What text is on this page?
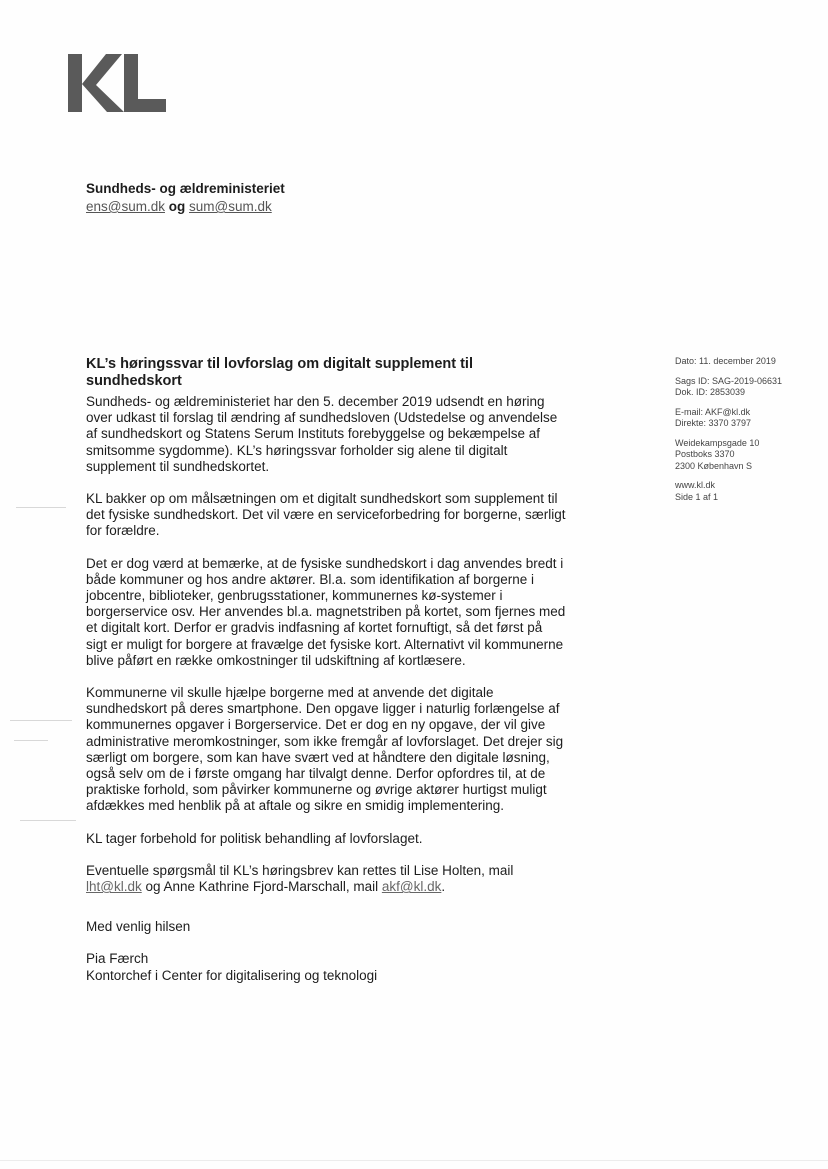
Sundheds- og ældreministeriet
ens@sum.dk og sum@sum.dk
Dato: 11. december 2019
Sags ID: SAG-2019-06631
Dok. ID: 2853039
E-mail: AKF@kl.dk
Direkte: 3370 3797
Weidekampsgade 10
Postboks 3370
2300 København S
www.kl.dk
Side 1 af 1
KL’s høringssvar til lovforslag om digitalt supplement til sundhedskort

Sundheds- og ældreministeriet har den 5. december 2019 udsendt en høring over udkast til forslag til ændring af sundhedsloven (Udstedelse og anvendelse af sundhedskort og Statens Serum Instituts forebyggelse og bekæmpelse af smitsomme sygdomme). KL’s høringssvar forholder sig alene til digitalt supplement til sundhedskortet.

KL bakker op om målsætningen om et digitalt sundhedskort som supplement til det fysiske sundhedskort. Det vil være en serviceforbedring for borgerne, særligt for forældre.

Det er dog værd at bemærke, at de fysiske sundhedskort i dag anvendes bredt i både kommuner og hos andre aktører. Bl.a. som identifikation af borgerne i jobcentre, biblioteker, genbrugsstationer, kommunernes kø-systemer i borgerservice osv. Her anvendes bl.a. magnetstriben på kortet, som fjernes med et digitalt kort. Derfor er gradvis indfasning af kortet fornuftigt, så det først på sigt er muligt for borgere at fravælge det fysiske kort. Alternativt vil kommunerne blive påført en række omkostninger til udskiftning af kortlæsere.

Kommunerne vil skulle hjælpe borgerne med at anvende det digitale sundhedskort på deres smartphone. Den opgave ligger i naturlig forlængelse af kommunernes opgaver i Borgerservice. Det er dog en ny opgave, der vil give administrative meromkostninger, som ikke fremgår af lovforslaget. Det drejer sig særligt om borgere, som kan have svært ved at håndtere den digitale løsning, også selv om de i første omgang har tilvalgt denne. Derfor opfordres til, at de praktiske forhold, som påvirker kommunerne og øvrige aktører hurtigst muligt afdækkes med henblik på at aftale og sikre en smidig implementering.

KL tager forbehold for politisk behandling af lovforslaget.

Eventuelle spørgsmål til KL’s høringsbrev kan rettes til Lise Holten, mail lht@kl.dk og Anne Kathrine Fjord-Marschall, mail akf@kl.dk.

Med venlig hilsen
Pia Færch
Kontorchef i Center for digitalisering og teknologi
